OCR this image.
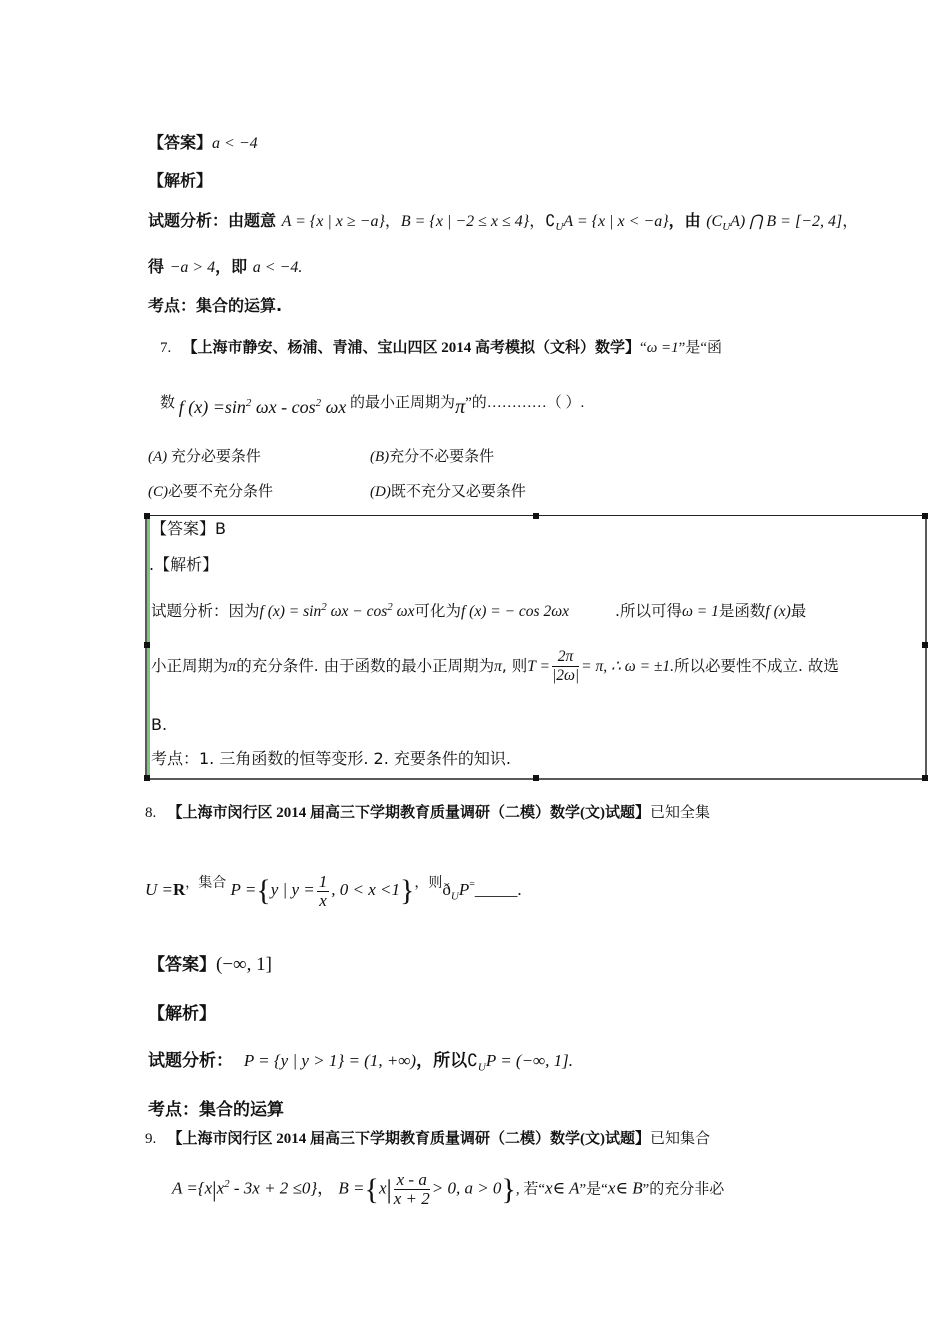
【答案】a < −4
【解析】
试题分析：由题意 A = {x | x ≥ −a}，B = {x | −2 ≤ x ≤ 4}，$∁_UA = \{x$ | x < −a}，由 $(C_UA)$ ⋂ B = [−2, 4]，
得 −a > 4，即 a < −4.
考点：集合的运算.
7. 【上海市静安、杨浦、青浦、宝山四区 2014 高考模拟（文科）数学】“ω =1”是“函
数 f $(x) =\sin^2$ ωx - $\cos^2 \omega x$ 的最小正周期为π”的…………（ ）.
(A) 充分必要条件	(B)充分不必要条件
(C)必要不充分条件	(D)既不充分又必要条件
【答案】B
.【解析】
试题分析：因为f $(x) = \sin^2 \omega x - \cos^2 \omega x$可化为f (x) = − cos 2ωx	.所以可得ω = 1是函数f (x)最
小正周期为π的充分条件. 由于函数的最小正周期为π, 则$T = \frac{2\pi}{|2\omega|} = \pi$, ∴ ω = ±1.所以必要性不成立. 故选
B.
考点：1. 三角函数的恒等变形. 2. 充要条件的知识.
8. 【上海市闵行区 2014 届高三下学期教育质量调研（二模）数学(文)试题】已知全集
$U =R^{,集合}$ P ={y | $y = \frac{1}{x}$ , $0 < x <1\}^{,则}ð_UP^=\_\_\_\_\_$.
【答案】(−∞, 1]
【解析】
试题分析： P = {y | y > 1} = (1, +∞)，所以$∁_UP$ = (−∞, 1].
考点：集合的运算
9. 【上海市闵行区 2014 届高三下学期教育质量调研（二模）数学(文)试题】已知集合
$A =\{x|x^2 - 3x + 2 \le 0\}$， $B =\{x| \frac{x - a}{x + 2} > 0$, a > 0}, 若“x∈ A”是“x∈ B”的充分非必
